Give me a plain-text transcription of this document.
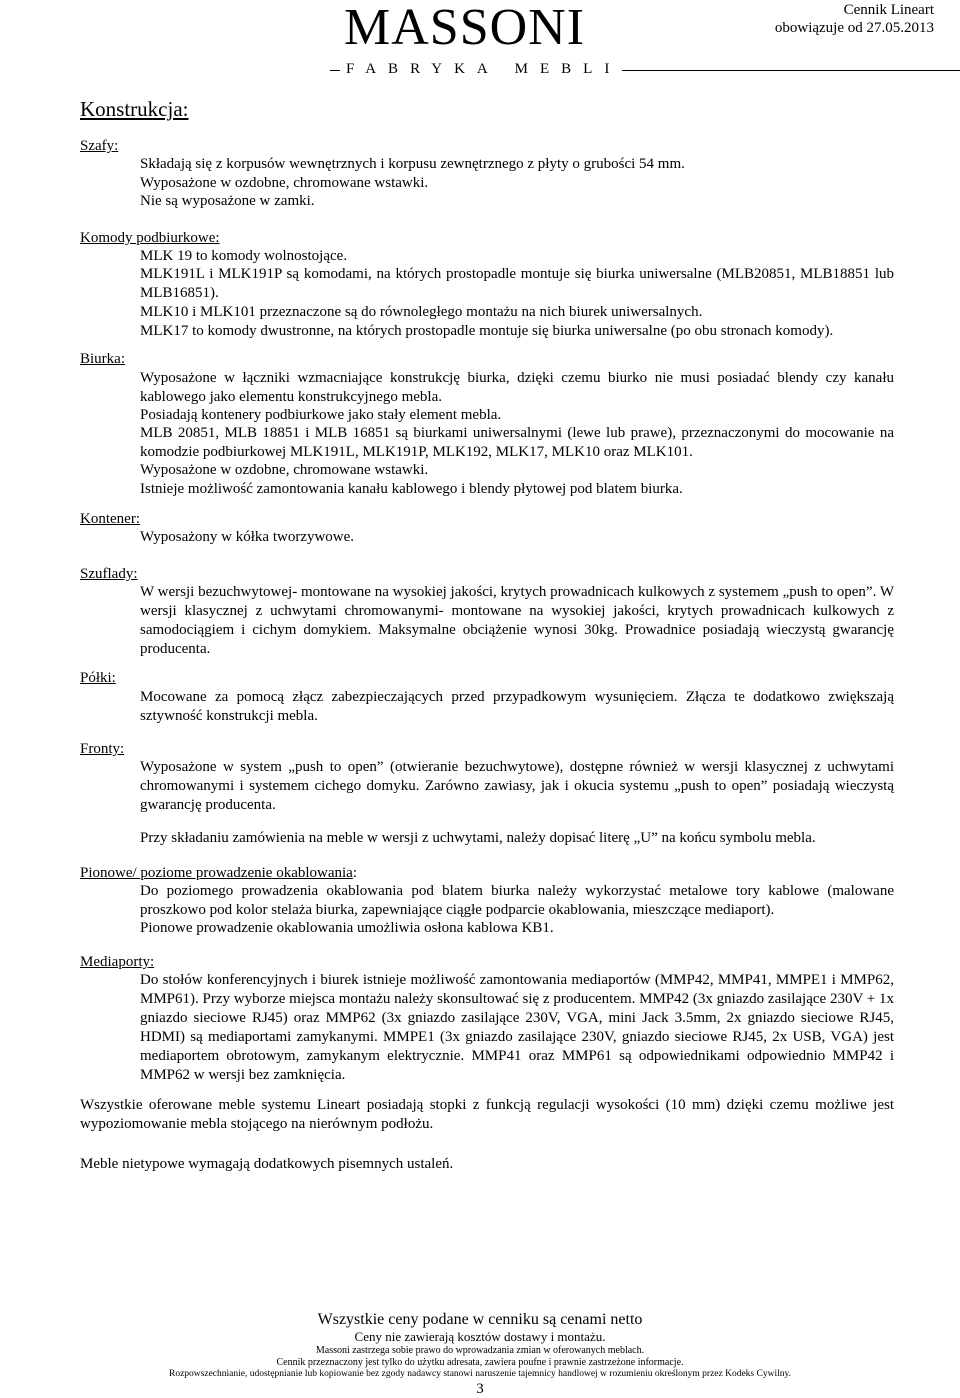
MASSONI
FABRYKA MEBLI
Cennik Lineart
obowiązuje od 27.05.2013
Konstrukcja:
Szafy:
Składają się z korpusów wewnętrznych i korpusu zewnętrznego z płyty o grubości 54 mm.
Wyposażone w ozdobne, chromowane wstawki.
Nie są wyposażone w zamki.
Komody podbiurkowe:
MLK 19 to komody wolnostojące.
MLK191L i MLK191P są komodami, na których prostopadle montuje się biurka uniwersalne (MLB20851, MLB18851 lub MLB16851).
MLK10 i MLK101 przeznaczone są do równoległego montażu na nich biurek uniwersalnych.
MLK17 to komody dwustronne, na których prostopadle montuje się biurka uniwersalne (po obu stronach komody).
Biurka:
Wyposażone w łączniki wzmacniające konstrukcję biurka, dzięki czemu biurko nie musi posiadać blendy czy kanału kablowego jako elementu konstrukcyjnego mebla.
Posiadają kontenery podbiurkowe jako stały element mebla.
MLB 20851, MLB 18851 i MLB 16851 są biurkami uniwersalnymi (lewe lub prawe), przeznaczonymi do mocowanie na komodzie podbiurkowej MLK191L, MLK191P, MLK192, MLK17, MLK10 oraz MLK101.
Wyposażone w ozdobne, chromowane wstawki.
Istnieje możliwość zamontowania kanału kablowego i blendy płytowej pod blatem biurka.
Kontener:
Wyposażony w kółka tworzywowe.
Szuflady:
W wersji bezuchwytowej- montowane na wysokiej jakości, krytych prowadnicach kulkowych z systemem „push to open”. W wersji klasycznej z uchwytami chromowanymi- montowane na wysokiej jakości, krytych prowadnicach kulkowych z samodociągiem i cichym domykiem. Maksymalne obciążenie wynosi 30kg. Prowadnice posiadają wieczystą gwarancję producenta.
Półki:
Mocowane za pomocą złącz zabezpieczających przed przypadkowym wysunięciem. Złącza te dodatkowo zwiększają sztywność konstrukcji mebla.
Fronty:
Wyposażone w system „push to open” (otwieranie bezuchwytowe), dostępne również w wersji klasycznej z uchwytami chromowanymi i systemem cichego domyku. Zarówno zawiasy, jak i okucia systemu „push to open” posiadają wieczystą gwarancję producenta.
Przy składaniu zamówienia na meble w wersji z uchwytami, należy dopisać literę „U” na końcu symbolu mebla.
Pionowe/ poziome prowadzenie okablowania:
Do poziomego prowadzenia okablowania pod blatem biurka należy wykorzystać metalowe tory kablowe (malowane proszkowo pod kolor stelaża biurka, zapewniające ciągłe podparcie okablowania, mieszczące mediaport).
Pionowe prowadzenie okablowania umożliwia osłona kablowa KB1.
Mediaporty:
Do stołów konferencyjnych i biurek istnieje możliwość zamontowania mediaportów (MMP42, MMP41, MMPE1 i MMP62, MMP61). Przy wyborze miejsca montażu należy skonsultować się z producentem. MMP42 (3x gniazdo zasilające 230V + 1x gniazdo sieciowe RJ45) oraz MMP62 (3x gniazdo zasilające 230V, VGA, mini Jack 3.5mm, 2x gniazdo sieciowe RJ45, HDMI) są mediaportami zamykanymi. MMPE1 (3x gniazdo zasilające 230V, gniazdo sieciowe RJ45, 2x USB, VGA) jest mediaportem obrotowym, zamykanym elektrycznie. MMP41 oraz MMP61 są odpowiednikami odpowiednio MMP42 i MMP62 w wersji bez zamknięcia.
Wszystkie oferowane meble systemu Lineart posiadają stopki z funkcją regulacji wysokości (10 mm) dzięki czemu możliwe jest wypoziomowanie mebla stojącego na nierównym podłożu.
Meble nietypowe wymagają dodatkowych pisemnych ustaleń.
Wszystkie ceny podane w cenniku są cenami netto
Ceny nie zawierają kosztów dostawy i montażu.
Massoni zastrzega sobie prawo do wprowadzania zmian w oferowanych meblach.
Cennik przeznaczony jest tylko do użytku adresata, zawiera poufne i prawnie zastrzeżone informacje.
Rozpowszechnianie, udostępnianie lub kopiowanie bez zgody nadawcy stanowi naruszenie tajemnicy handlowej w rozumieniu określonym przez Kodeks Cywilny.
3
